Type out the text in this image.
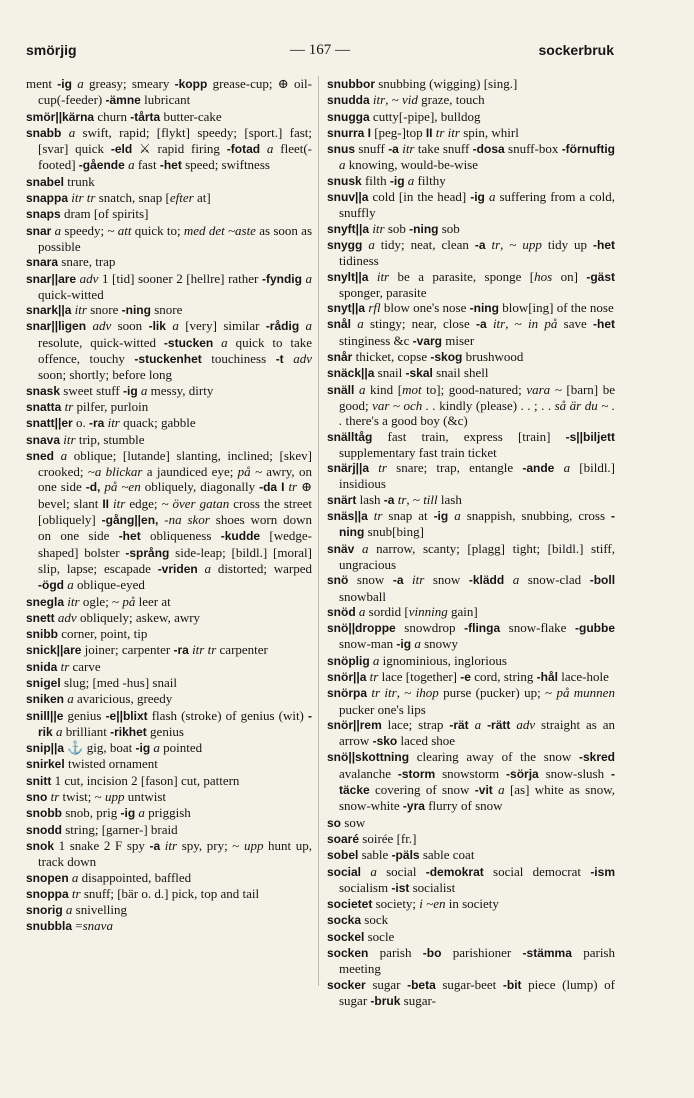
smörjig	— 167 —	sockerbruk

ment -ig a greasy; smeary -kopp grease-cup; ⊕ oil-cup(-feeder) -ämne lubricant

smör||kärna churn -tårta butter-cake

snabb a swift, rapid; [flykt] speedy; [sport.] fast; [svar] quick -eld ⚔ rapid firing -fotad a fleet(-footed] -gående a fast -het speed; swiftness

snabel trunk

snappa itr tr snatch, snap [efter at]

snaps dram [of spirits]

snar a speedy; ~ att quick to; med det ~aste as soon as possible

snara snare, trap

snar||are adv 1 [tid] sooner 2 [hellre] rather -fyndig a quick-witted

snark||a itr snore -ning snore

snar||ligen adv soon -lik a [very] similar -rådig a resolute, quick-witted -stucken a quick to take offence, touchy -stuckenhet touchiness -t adv soon; shortly; before long

snask sweet stuff -ig a messy, dirty

snatta tr pilfer, purloin

snatt||er o. -ra itr quack; gabble

snava itr trip, stumble

sned a oblique; [lutande] slanting, inclined; [skev] crooked; ~a blickar a jaundiced eye; på ~ awry, on one side -d, på ~en obliquely, diagonally -da I tr ⊕ bevel; slant II itr edge; ~ över gatan cross the street [obliquely] -gång||en, -na skor shoes worn down on one side -het obliqueness -kudde [wedge-shaped] bolster -språng side-leap; [bildl.] [moral] slip, lapse; escapade -vriden a distorted; warped -ögd a oblique-eyed

snegla itr ogle; ~ på leer at

snett adv obliquely; askew, awry

snibb corner, point, tip

snick||are joiner; carpenter -ra itr tr carpenter

snida tr carve

snigel slug; [med -hus] snail

sniken a avaricious, greedy

snill||e genius -e||blixt flash (stroke) of genius (wit) -rik a brilliant -rikhet genius

snip||a ⚓ gig, boat -ig a pointed

snirkel twisted ornament

snitt 1 cut, incision 2 [fason] cut, pattern

sno tr twist; ~ upp untwist

snobb snob, prig -ig a priggish

snodd string; [garner-] braid

snok 1 snake 2 F spy -a itr spy, pry; ~ upp hunt up, track down

snopen a disappointed, baffled

snoppa tr snuff; [bär o. d.] pick, top and tail

snorig a snivelling

snubbla =snava

snubbor snubbing (wigging) [sing.]

snudda itr, ~ vid graze, touch

snugga cutty[-pipe], bulldog

snurra I [peg-]top II tr itr spin, whirl

snus snuff -a itr take snuff -dosa snuff-box -förnuftig a knowing, would-be-wise

snusk filth -ig a filthy

snuv||a cold [in the head] -ig a suffering from a cold, snuffly

snyft||a itr sob -ning sob

snygg a tidy; neat, clean -a tr, ~ upp tidy up -het tidiness

snylt||a itr be a parasite, sponge [hos on] -gäst sponger, parasite

snyt||a rfl blow one's nose -ning blow[ing] of the nose

snål a stingy; near, close -a itr, ~ in på save -het stinginess &c -varg miser

snår thicket, copse -skog brushwood

snäck||a snail -skal snail shell

snäll a kind [mot to]; good-natured; vara ~ [barn] be good; var ~ och . . kindly (please) . . ; . . så är du ~ . . there's a good boy (&c)

snälltåg fast train, express [train] -s||biljett supplementary fast train ticket

snärj||a tr snare; trap, entangle -ande a [bildl.] insidious

snärt lash -a tr, ~ till lash

snäs||a tr snap at -ig a snappish, snubbing, cross -ning snub[bing]

snäv a narrow, scanty; [plagg] tight; [bildl.] stiff, ungracious

snö snow -a itr snow -klädd a snow-clad -boll snowball

snöd a sordid [vinning gain]

snö||droppe snowdrop -flinga snow-flake -gubbe snow-man -ig a snowy

snöplig a ignominious, inglorious

snör||a tr lace [together] -e cord, string -hål lace-hole

snörpa tr itr, ~ ihop purse (pucker) up; ~ på munnen pucker one's lips

snör||rem lace; strap -rät a -rätt adv straight as an arrow -sko laced shoe

snö||skottning clearing away of the snow -skred avalanche -storm snowstorm -sörja snow-slush -täcke covering of snow -vit a [as] white as snow, snow-white -yra flurry of snow

so sow

soaré soirée [fr.]

sobel sable -päls sable coat

social a social -demokrat social democrat -ism socialism -ist socialist

societet society; i ~en in society

socka sock

sockel socle

socken parish -bo parishioner -stämma parish meeting

socker sugar -beta sugar-beet -bit piece (lump) of sugar -bruk sugar-
